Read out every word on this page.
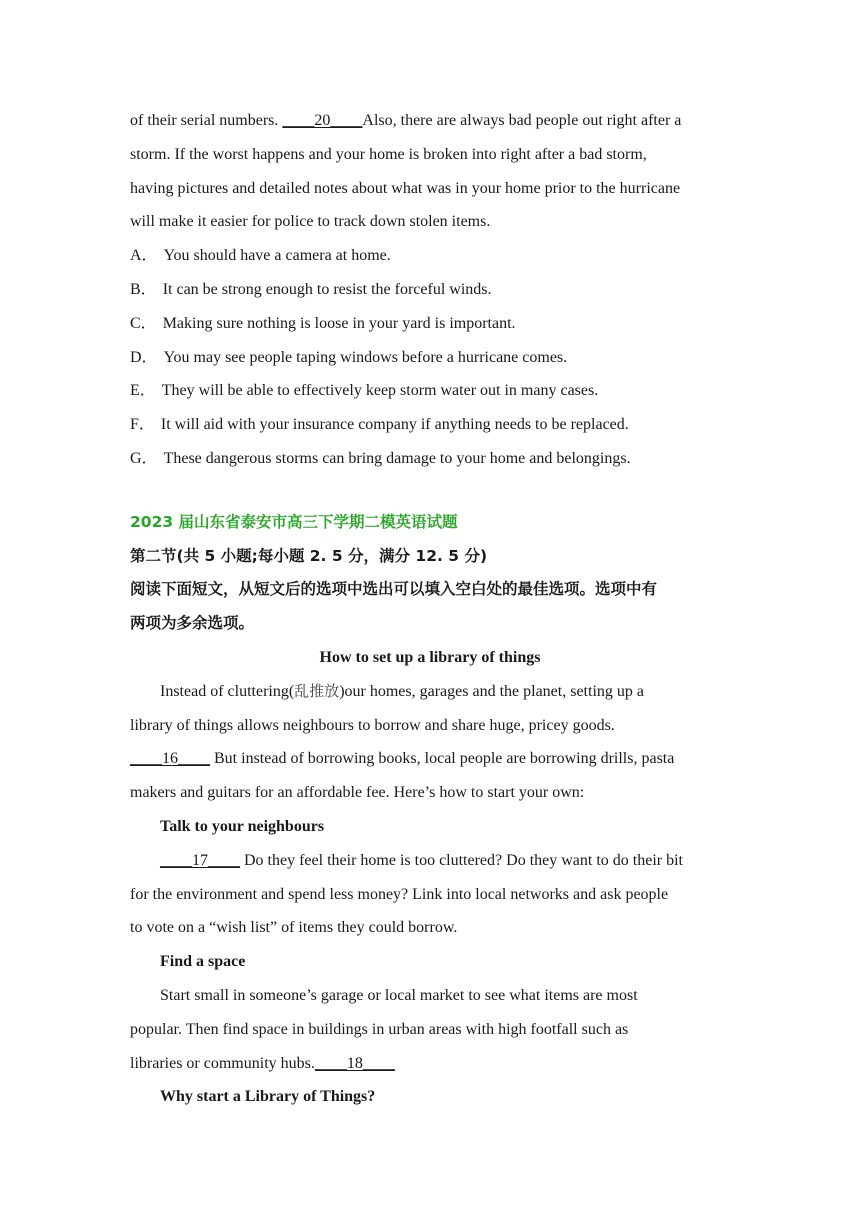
of their serial numbers. ____20____Also, there are always bad people out right after a
storm. If the worst happens and your home is broken into right after a bad storm,
having pictures and detailed notes about what was in your home prior to the hurricane
will make it easier for police to track down stolen items.
A． You should have a camera at home.
B． It can be strong enough to resist the forceful winds.
C． Making sure nothing is loose in your yard is important.
D． You may see people taping windows before a hurricane comes.
E． They will be able to effectively keep storm water out in many cases.
F． It will aid with your insurance company if anything needs to be replaced.
G． These dangerous storms can bring damage to your home and belongings.
2023 届山东省泰安市高三下学期二模英语试题
第二节(共 5 小题;每小题 2. 5 分，满分 12. 5 分)
阅读下面短文，从短文后的选项中选出可以填入空白处的最佳选项。选项中有
两项为多余选项。
How to set up a library of things
Instead of cluttering(乱推放)our homes, garages and the planet, setting up a
library of things allows neighbours to borrow and share huge, pricey goods.
____16____ But instead of borrowing books, local people are borrowing drills, pasta
makers and guitars for an affordable fee. Here’s how to start your own:
Talk to your neighbours
____17____ Do they feel their home is too cluttered? Do they want to do their bit
for the environment and spend less money? Link into local networks and ask people
to vote on a “wish list” of items they could borrow.
Find a space
Start small in someone’s garage or local market to see what items are most
popular. Then find space in buildings in urban areas with high footfall such as
libraries or community hubs.____18____
Why start a Library of Things?
